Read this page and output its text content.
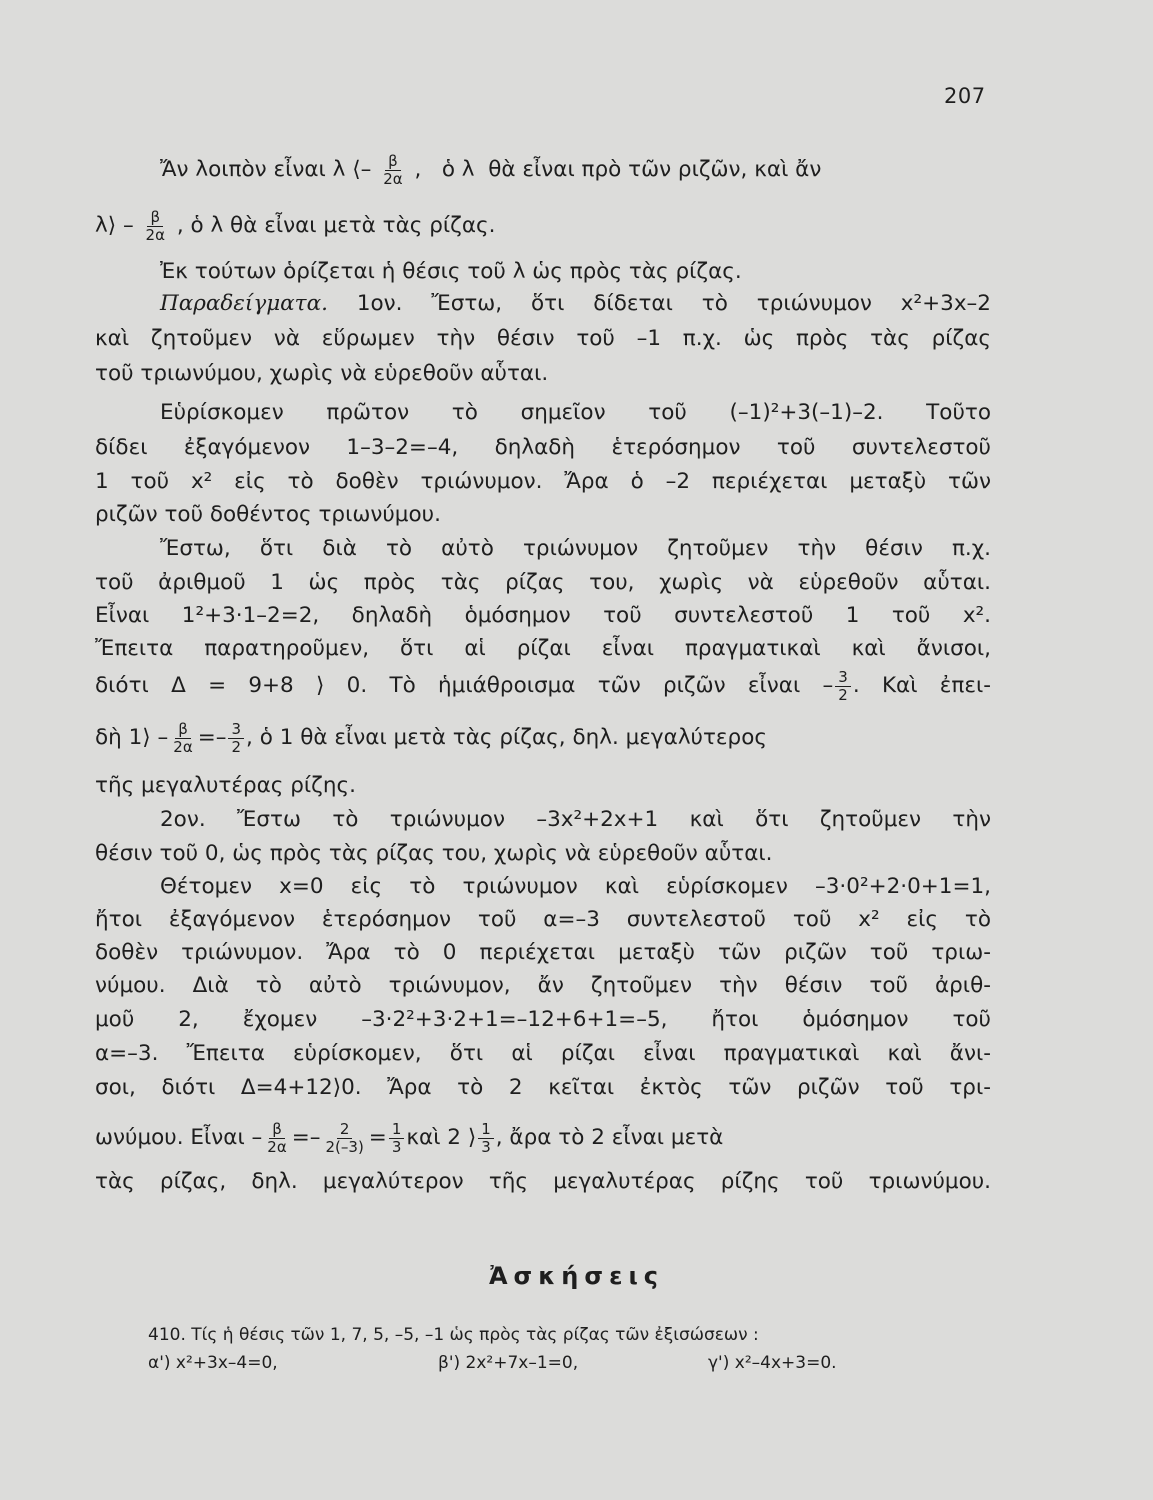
207
Ἄν λοιπὸν εἶναι λ ⟨– $\frac{\beta}{2\alpha}$ ,   ὁ λ  θὰ εἶναι πρὸ τῶν ριζῶν, καὶ ἄν
λ⟩ – $\frac{\beta}{2\alpha}$ , ὁ λ θὰ εἶναι μετὰ τὰς ρίζας.
Ἐκ τούτων ὁρίζεται ἡ θέσις τοῦ λ ὡς πρὸς τὰς ρίζας.
Παραδείγματα. 1ον. Ἔστω, ὅτι δίδεται τὸ τριώνυμον x²+3x–2
καὶ ζητοῦμεν νὰ εὕρωμεν τὴν θέσιν τοῦ –1 π.χ. ὡς πρὸς τὰς ρίζας
τοῦ τριωνύμου, χωρὶς νὰ εὑρεθοῦν αὗται.
Εὑρίσκομεν πρῶτον τὸ σημεῖον τοῦ (–1)²+3(–1)–2. Τοῦτο
δίδει ἐξαγόμενον 1–3–2=–4, δηλαδὴ ἑτερόσημον τοῦ συντελεστοῦ
1 τοῦ x² εἰς τὸ δοθὲν τριώνυμον. Ἄρα ὁ –2 περιέχεται μεταξὺ τῶν
ριζῶν τοῦ δοθέντος τριωνύμου.
Ἔστω, ὅτι διὰ τὸ αὐτὸ τριώνυμον ζητοῦμεν τὴν θέσιν π.χ.
τοῦ ἀριθμοῦ 1 ὡς πρὸς τὰς ρίζας του, χωρὶς νὰ εὑρεθοῦν αὗται.
Εἶναι 1²+3·1–2=2, δηλαδὴ ὁμόσημον τοῦ συντελεστοῦ 1 τοῦ x².
Ἔπειτα παρατηροῦμεν, ὅτι αἱ ρίζαι εἶναι πραγματικαὶ καὶ ἄνισοι,
διότι Δ = 9+8 ⟩ 0. Τὸ ἡμιάθροισμα τῶν ριζῶν εἶναι – $\frac{3}{2}$ . Καὶ ἐπει-
δὴ 1⟩ – $\frac{\beta}{2\alpha} =- \frac{3}{2}$ , ὁ 1 θὰ εἶναι μετὰ τὰς ρίζας, δηλ. μεγαλύτερος
τῆς μεγαλυτέρας ρίζης.
2ον. Ἔστω τὸ τριώνυμον –3x²+2x+1 καὶ ὅτι ζητοῦμεν τὴν
θέσιν τοῦ 0, ὡς πρὸς τὰς ρίζας του, χωρὶς νὰ εὑρεθοῦν αὗται.
Θέτομεν x=0 εἰς τὸ τριώνυμον καὶ εὑρίσκομεν –3·0²+2·0+1=1,
ἤτοι ἐξαγόμενον ἑτερόσημον τοῦ α=–3 συντελεστοῦ τοῦ x² εἰς τὸ
δοθὲν τριώνυμον. Ἄρα τὸ 0 περιέχεται μεταξὺ τῶν ριζῶν τοῦ τριω-
νύμου. Διὰ τὸ αὐτὸ τριώνυμον, ἄν ζητοῦμεν τὴν θέσιν τοῦ ἀριθ-
μοῦ 2, ἔχομεν –3·2²+3·2+1=–12+6+1=–5, ἤτοι ὁμόσημον τοῦ
α=–3. Ἔπειτα εὑρίσκομεν, ὅτι αἱ ρίζαι εἶναι πραγματικαὶ καὶ ἄνι-
σοι, διότι Δ=4+12⟩0. Ἄρα τὸ 2 κεῖται ἐκτὸς τῶν ριζῶν τοῦ τρι-
ωνύμου. Εἶναι – $\frac{\beta}{2\alpha} =- \frac{2}{2(-3)} = \frac{1}{3}$ καὶ 2 ⟩ $\frac{1}{3}$ , ἄρα τὸ 2 εἶναι μετὰ
τὰς ρίζας, δηλ. μεγαλύτερον τῆς μεγαλυτέρας ρίζης τοῦ τριωνύμου.
Ἀσκήσεις
410. Τίς ἡ θέσις τῶν 1, 7, 5, –5, –1 ὡς πρὸς τὰς ρίζας τῶν ἐξισώσεων :
α') x²+3x–4=0,	β') 2x²+7x–1=0,	γ') x²–4x+3=0.
